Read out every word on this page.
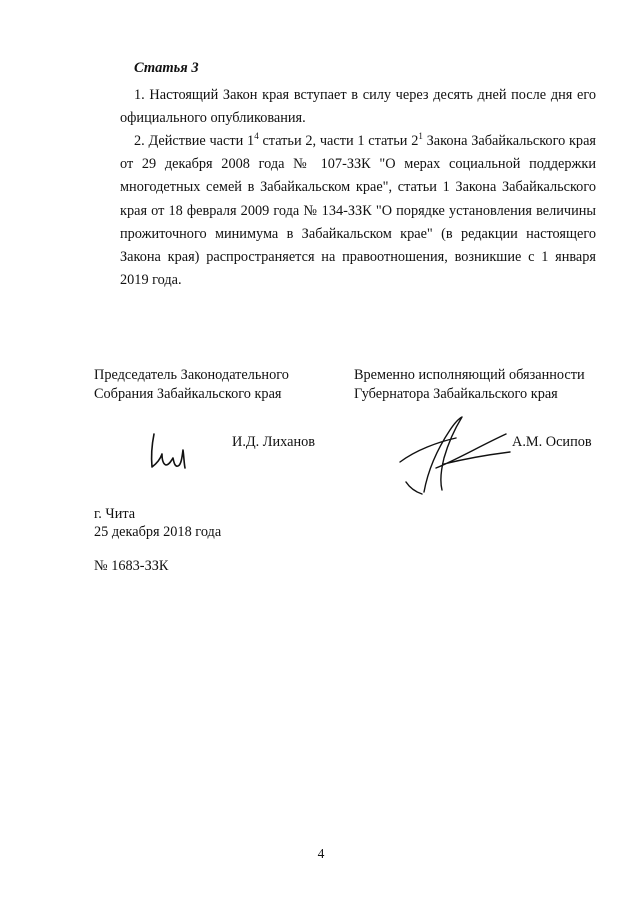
Статья 3

1. Настоящий Закон края вступает в силу через десять дней после дня его официального опубликования.

2. Действие части $1^4$ статьи 2, части 1 статьи $2^1$ Закона Забайкальского края от 29 декабря 2008 года № 107-ЗЗК "О мерах социальной поддержки многодетных семей в Забайкальском крае", статьи 1 Закона Забайкальского края от 18 февраля 2009 года № 134-ЗЗК "О порядке установления величины прожиточного минимума в Забайкальском крае" (в редакции настоящего Закона края) распространяется на правоотношения, возникшие с 1 января 2019 года.

Председатель Законодательного
Собрания Забайкальского края
Временно исполняющий обязанности
Губернатора Забайкальского края
И.Д. Лиханов	А.М. Осипов
г. Чита
25 декабря 2018 года
№ 1683-ЗЗК
4
